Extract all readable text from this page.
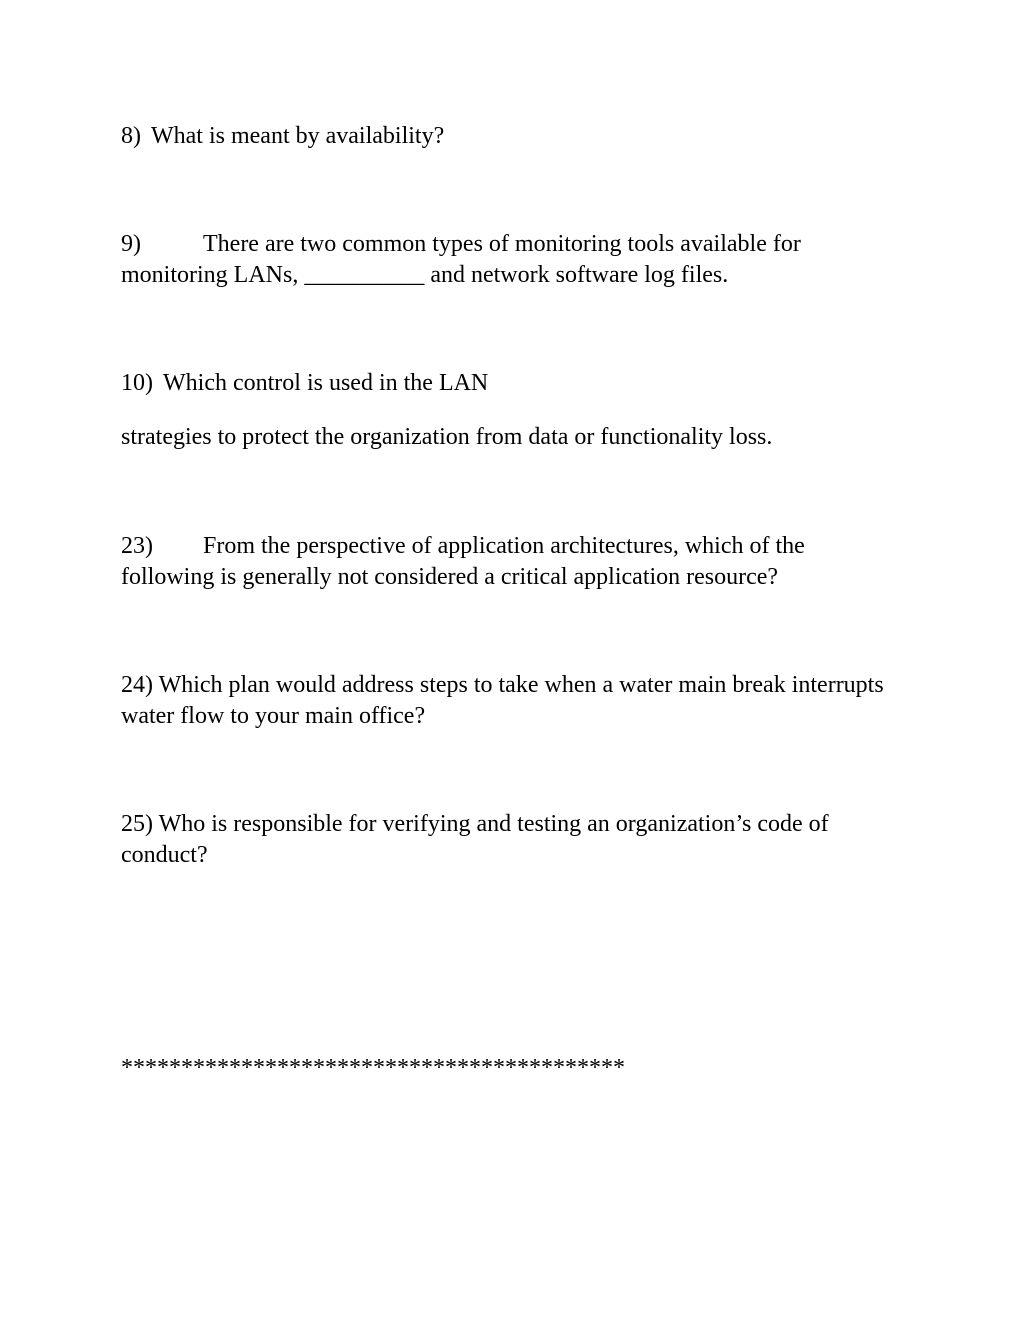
8) What is meant by availability?

9)	There are two common types of monitoring tools available for monitoring LANs, __________ and network software log files.

10) Which control is used in the LAN

strategies to protect the organization from data or functionality loss.

23) From the perspective of application architectures, which of the following is generally not considered a critical application resource?

24) Which plan would address steps to take when a water main break interrupts water flow to your main office?

25) Who is responsible for verifying and testing an organization’s code of conduct?

******************************************
